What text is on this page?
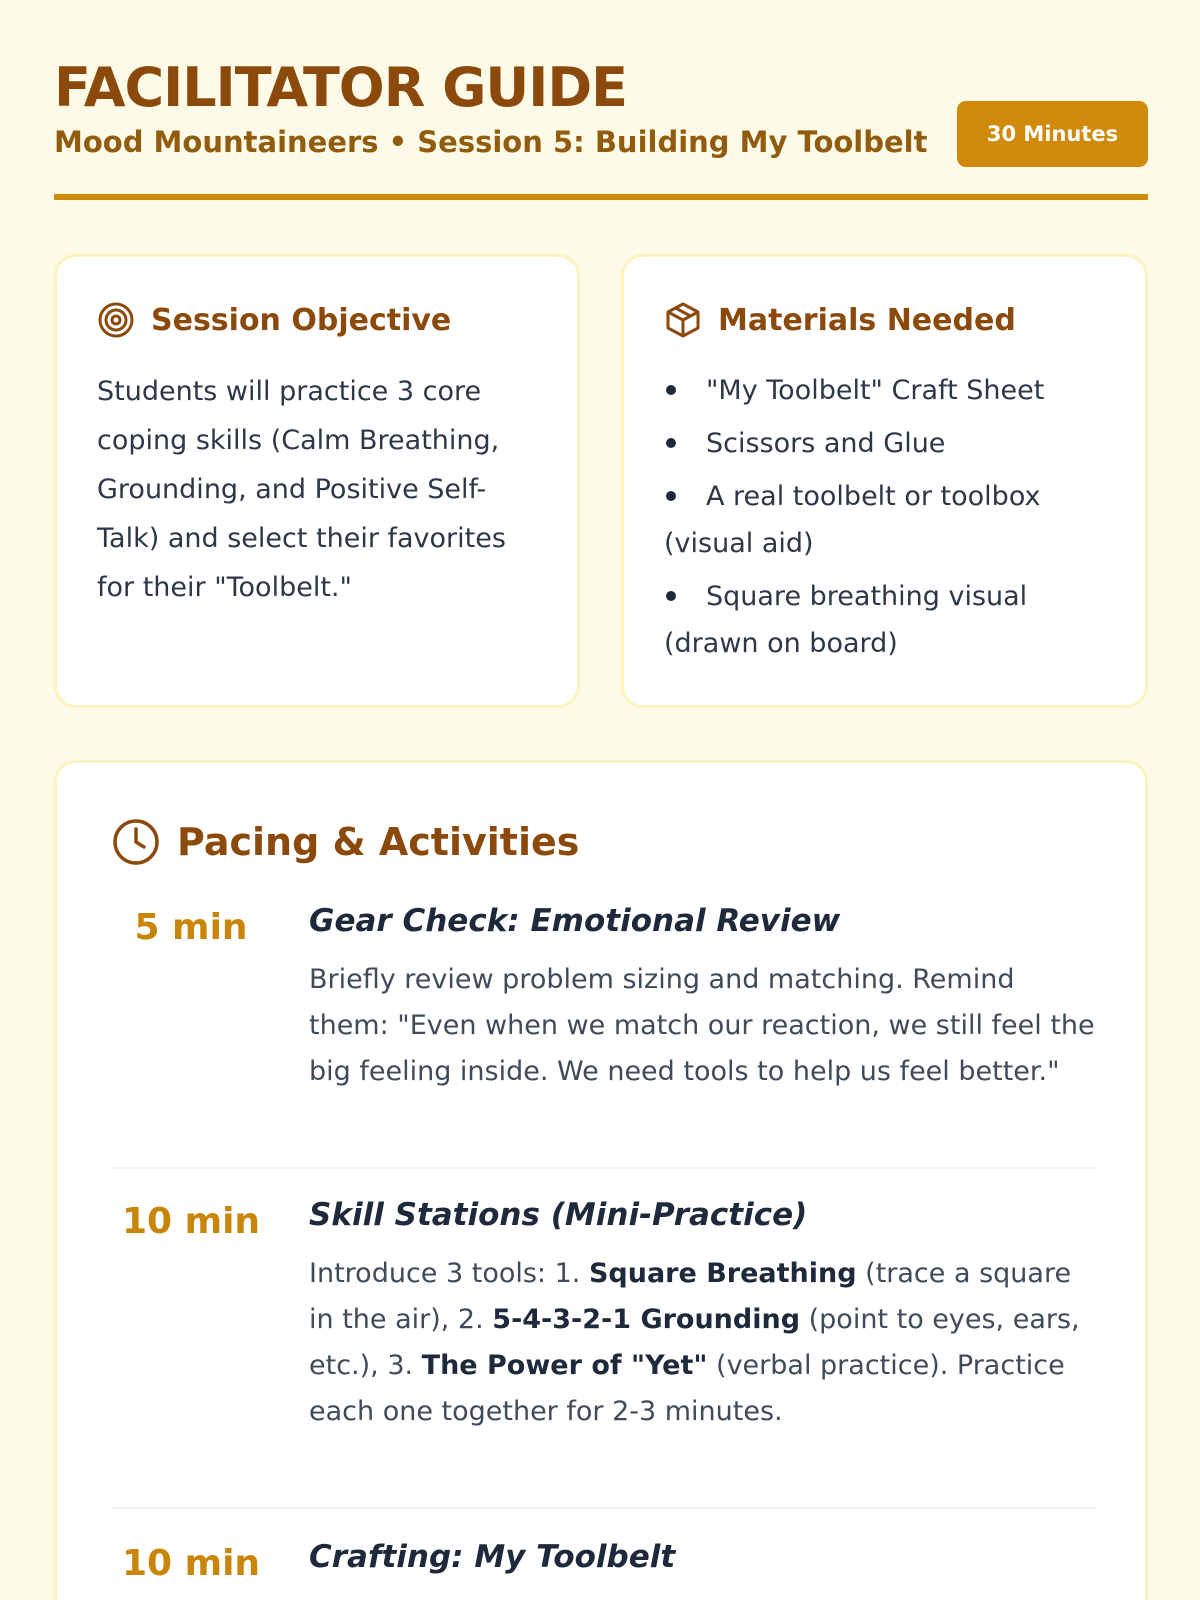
FACILITATOR GUIDE
Mood Mountaineers • Session 5: Building My Toolbelt	30 Minutes
Session Objective
Students will practice 3 core coping skills (Calm Breathing, Grounding, and Positive Self-Talk) and select their favorites for their "Toolbelt."
Materials Needed
"My Toolbelt" Craft Sheet
Scissors and Glue
A real toolbelt or toolbox (visual aid)
Square breathing visual (drawn on board)
Pacing & Activities
5 min	Gear Check: Emotional Review
Briefly review problem sizing and matching. Remind them: "Even when we match our reaction, we still feel the big feeling inside. We need tools to help us feel better."
10 min	Skill Stations (Mini-Practice)
Introduce 3 tools: 1. Square Breathing (trace a square in the air), 2. 5-4-3-2-1 Grounding (point to eyes, ears, etc.), 3. The Power of "Yet" (verbal practice). Practice each one together for 2-3 minutes.
10 min	Crafting: My Toolbelt
